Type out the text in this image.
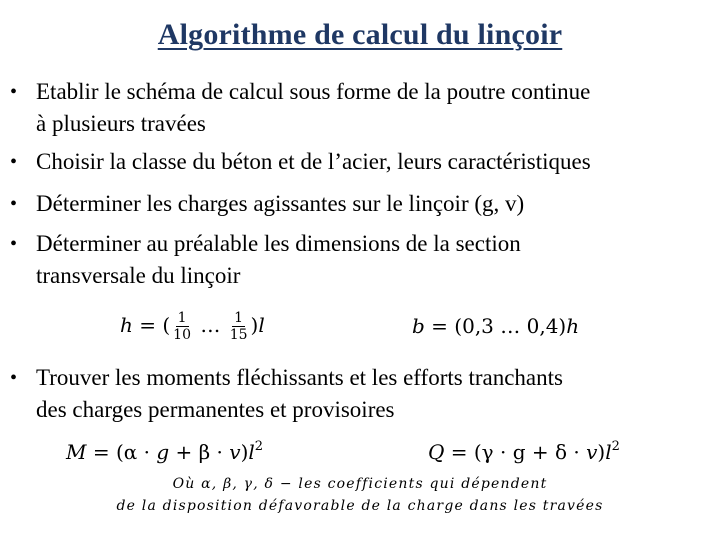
Algorithme de calcul du linçoir
• Etablir le schéma de calcul sous forme de la poutre continue
à plusieurs travées
• Choisir la classe du béton et de l’acier, leurs caractéristiques
• Déterminer les charges agissantes sur le linçoir (g, v)
• Déterminer au préalable les dimensions de la section
transversale du linçoir
h = ( $\frac{1}{10}$ … $\frac{1}{15} )l$	b = (0,3 … 0,4)h
• Trouver les moments fléchissants et les efforts tranchants
des charges permanentes et provisoires
$M = (\alpha \cdot g + \beta \cdot v)l^2$	$Q = (\gamma \cdot g + \delta \cdot v)l^2$
Où α, β, γ, δ − les coefficients qui dépendent
de la disposition défavorable de la charge dans les travées
